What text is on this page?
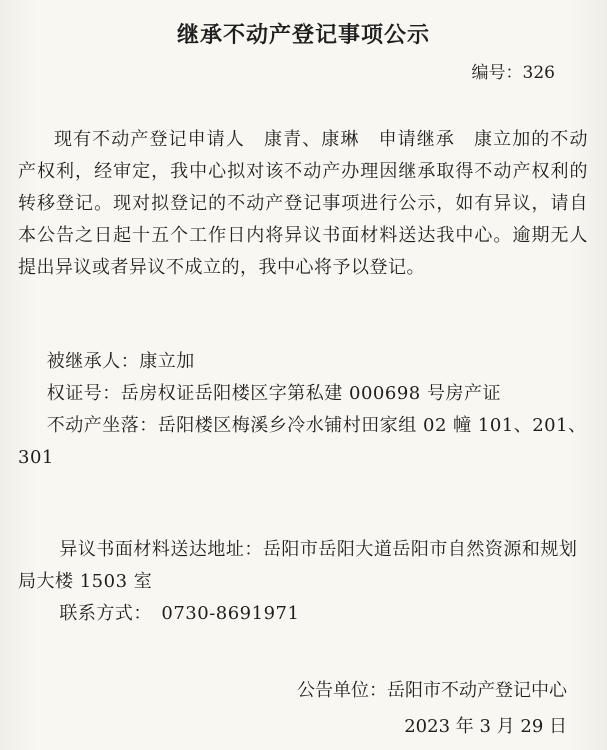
继承不动产登记事项公示
编号：326

现有不动产登记申请人　康青、康琳　申请继承　康立加的不动产权利，经审定，我中心拟对该不动产办理因继承取得不动产权利的转移登记。现对拟登记的不动产登记事项进行公示，如有异议，请自本公告之日起十五个工作日内将异议书面材料送达我中心。逾期无人提出异议或者异议不成立的，我中心将予以登记。

被继承人：康立加

权证号：岳房权证岳阳楼区字第私建 000698 号房产证

不动产坐落：岳阳楼区梅溪乡冷水铺村田家组 02 幢 101、201、301

异议书面材料送达地址：岳阳市岳阳大道岳阳市自然资源和规划局大楼 1503 室

联系方式：　0730-8691971

公告单位：岳阳市不动产登记中心
2023 年 3 月 29 日
